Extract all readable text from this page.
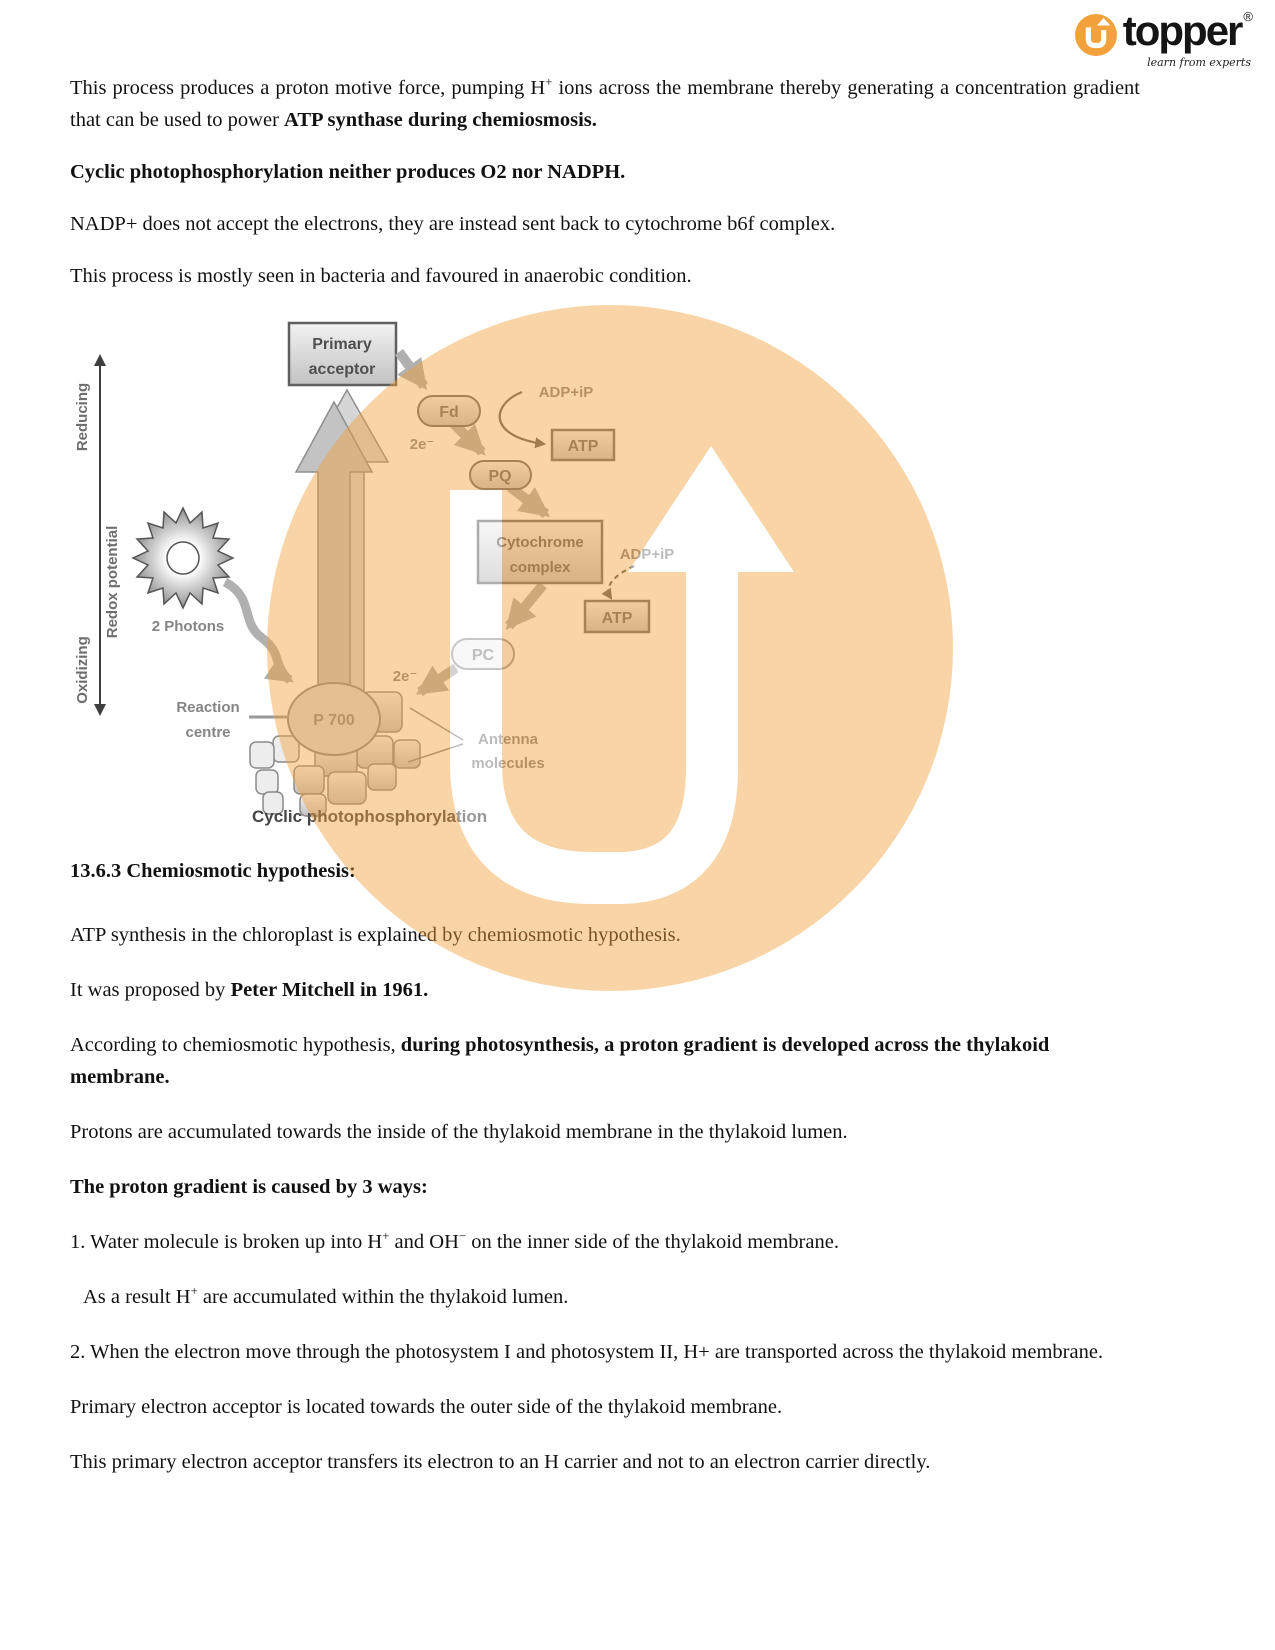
Reducing
Redox potential
Oxidizing
2 Photons
Primary
acceptor
Fd
2e⁻
ADP+iP
ATP
PQ
Cytochrome
complex
ADP+iP
ATP
PC
2e⁻
P 700
Reaction
centre	Antenna
molecules
Cyclic photophosphorylation

This process produces a proton motive force, pumping H+ ions across the membrane thereby generating a concentration gradient that can be used to power ATP synthase during chemiosmosis.

Cyclic photophosphorylation neither produces O2 nor NADPH.

NADP+ does not accept the electrons, they are instead sent back to cytochrome b6f complex.

This process is mostly seen in bacteria and favoured in anaerobic condition.

13.6.3 Chemiosmotic hypothesis:

ATP synthesis in the chloroplast is explained by chemiosmotic hypothesis.

It was proposed by Peter Mitchell in 1961.

According to chemiosmotic hypothesis, during photosynthesis, a proton gradient is developed across the thylakoid membrane.

Protons are accumulated towards the inside of the thylakoid membrane in the thylakoid lumen.

The proton gradient is caused by 3 ways:

1. Water molecule is broken up into H+ and OH− on the inner side of the thylakoid membrane.

As a result H+ are accumulated within the thylakoid lumen.

2. When the electron move through the photosystem I and photosystem II, H+ are transported across the thylakoid membrane.

Primary electron acceptor is located towards the outer side of the thylakoid membrane.

This primary electron acceptor transfers its electron to an H carrier and not to an electron carrier directly.

topper ®
learn from experts
